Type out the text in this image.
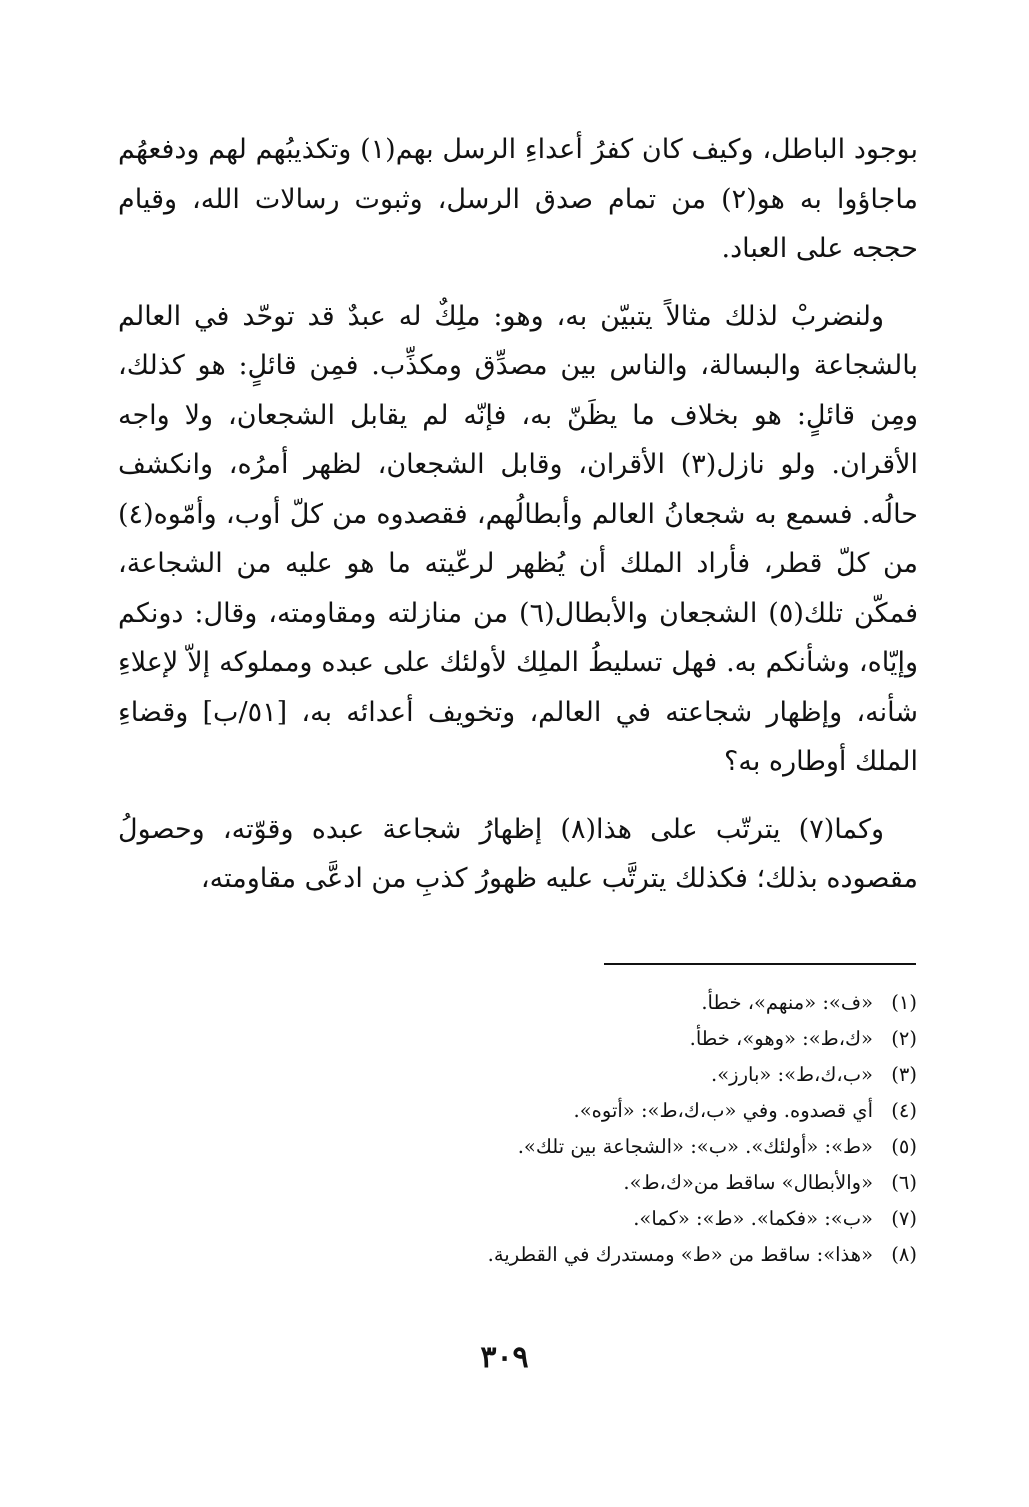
بوجود الباطل، وكيف كان كفرُ أعداءِ الرسل بهم(١) وتكذيبُهم لهم ودفعهُم ماجاؤوا به هو(٢) من تمام صدق الرسل، وثبوت رسالات الله، وقيام حججه على العباد.

ولنضربْ لذلك مثالاً يتبيّن به، وهو: ملِكٌ له عبدٌ قد توحّد في العالم بالشجاعة والبسالة، والناس بين مصدِّق ومكذِّب. فمِن قائلٍ: هو كذلك، ومِن قائلٍ: هو بخلاف ما يظَنّ به، فإنّه لم يقابل الشجعان، ولا واجه الأقران. ولو نازل(٣) الأقران، وقابل الشجعان، لظهر أمرُه، وانكشف حالُه. فسمع به شجعانُ العالم وأبطالُهم، فقصدوه من كلّ أوب، وأمّوه(٤) من كلّ قطر، فأراد الملك أن يُظهر لرعّيته ما هو عليه من الشجاعة، فمكّن تلك(٥) الشجعان والأبطال(٦) من منازلته ومقاومته، وقال: دونكم وإيّاه، وشأنكم به. فهل تسليطُ الملِك لأولئك على عبده ومملوكه إلاّ لإعلاءِ شأنه، وإظهار شجاعته في العالم، وتخويف أعدائه به، [٥١/ب] وقضاءِ الملك أوطاره به؟

وكما(٧) يترتّب على هذا(٨) إظهارُ شجاعة عبده وقوّته، وحصولُ مقصوده بذلك؛ فكذلك يترتَّب عليه ظهورُ كذبِ من ادعَّى مقاومته،

(١)
«ف»: «منهم»، خطأ.
(٢)
«ك،ط»: «وهو»، خطأ.
(٣)
«ب،ك،ط»: «بارز».
(٤)
أي قصدوه. وفي «ب،ك،ط»: «أتوه».
(٥)
«ط»: «أولئك». «ب»: «الشجاعة بين تلك».
(٦)
«والأبطال» ساقط من«ك،ط».
(٧)
«ب»: «فكما». «ط»: «كما».
(٨)
«هذا»: ساقط من «ط» ومستدرك في القطرية.
٣٠٩
